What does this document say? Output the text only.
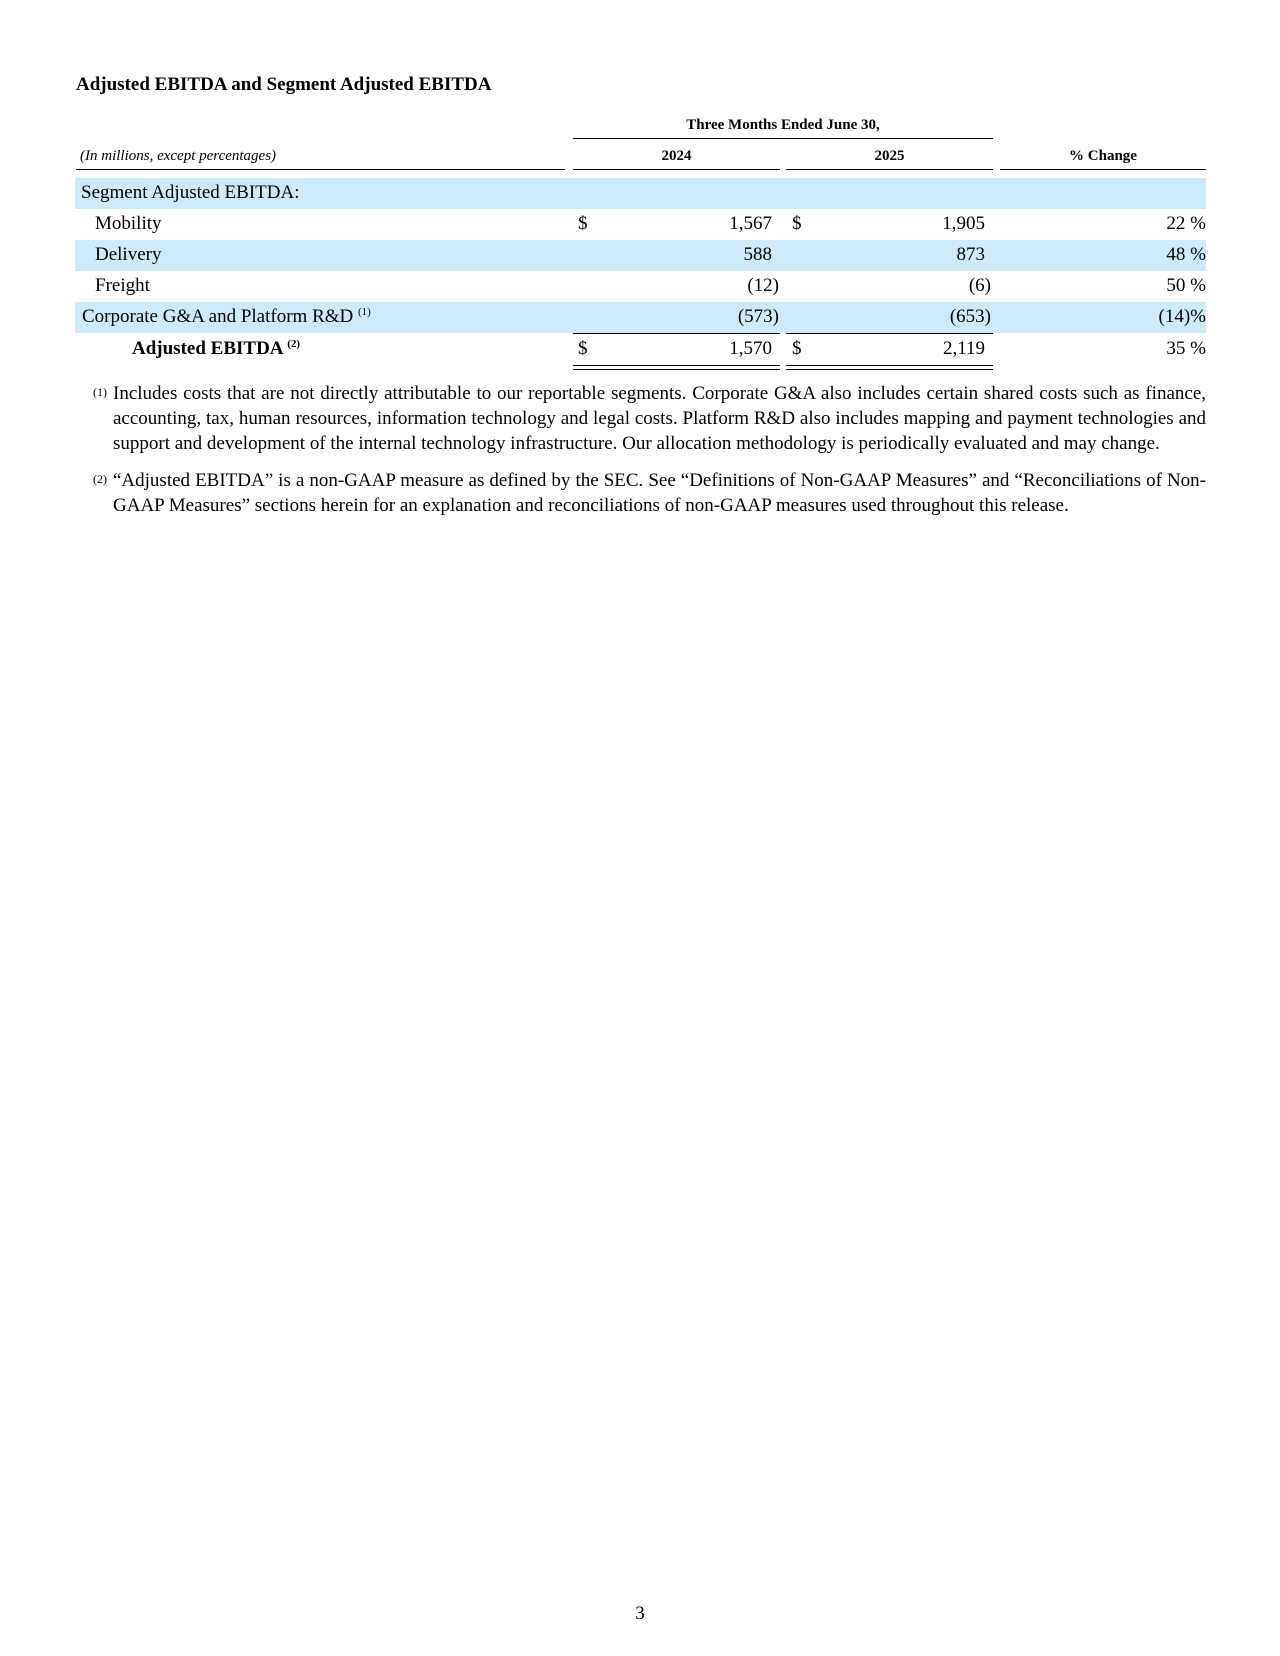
Adjusted EBITDA and Segment Adjusted EBITDA
Three Months Ended June 30,
(In millions, except percentages)	2024	2025	% Change
Segment Adjusted EBITDA:
Mobility	$	1,567 $	1,905	22 %
Delivery	588	873	48 %
Freight	(12)	(6)	50 %
Corporate G&A and Platform R&D $^{(1)}$	(573)	(653)	(14)%
Adjusted EBITDA $^{(2)}$	$	1,570 $	2,119	35 %
(1) Includes costs that are not directly attributable to our reportable segments. Corporate G&A also includes certain shared costs such as finance, accounting, tax, human resources, information technology and legal costs. Platform R&D also includes mapping and payment technologies and support and development of the internal technology infrastructure. Our allocation methodology is periodically evaluated and may change.

(2) “Adjusted EBITDA” is a non-GAAP measure as defined by the SEC. See “Definitions of Non-GAAP Measures” and “Reconciliations of Non-GAAP Measures” sections herein for an explanation and reconciliations of non-GAAP measures used throughout this release.

3
